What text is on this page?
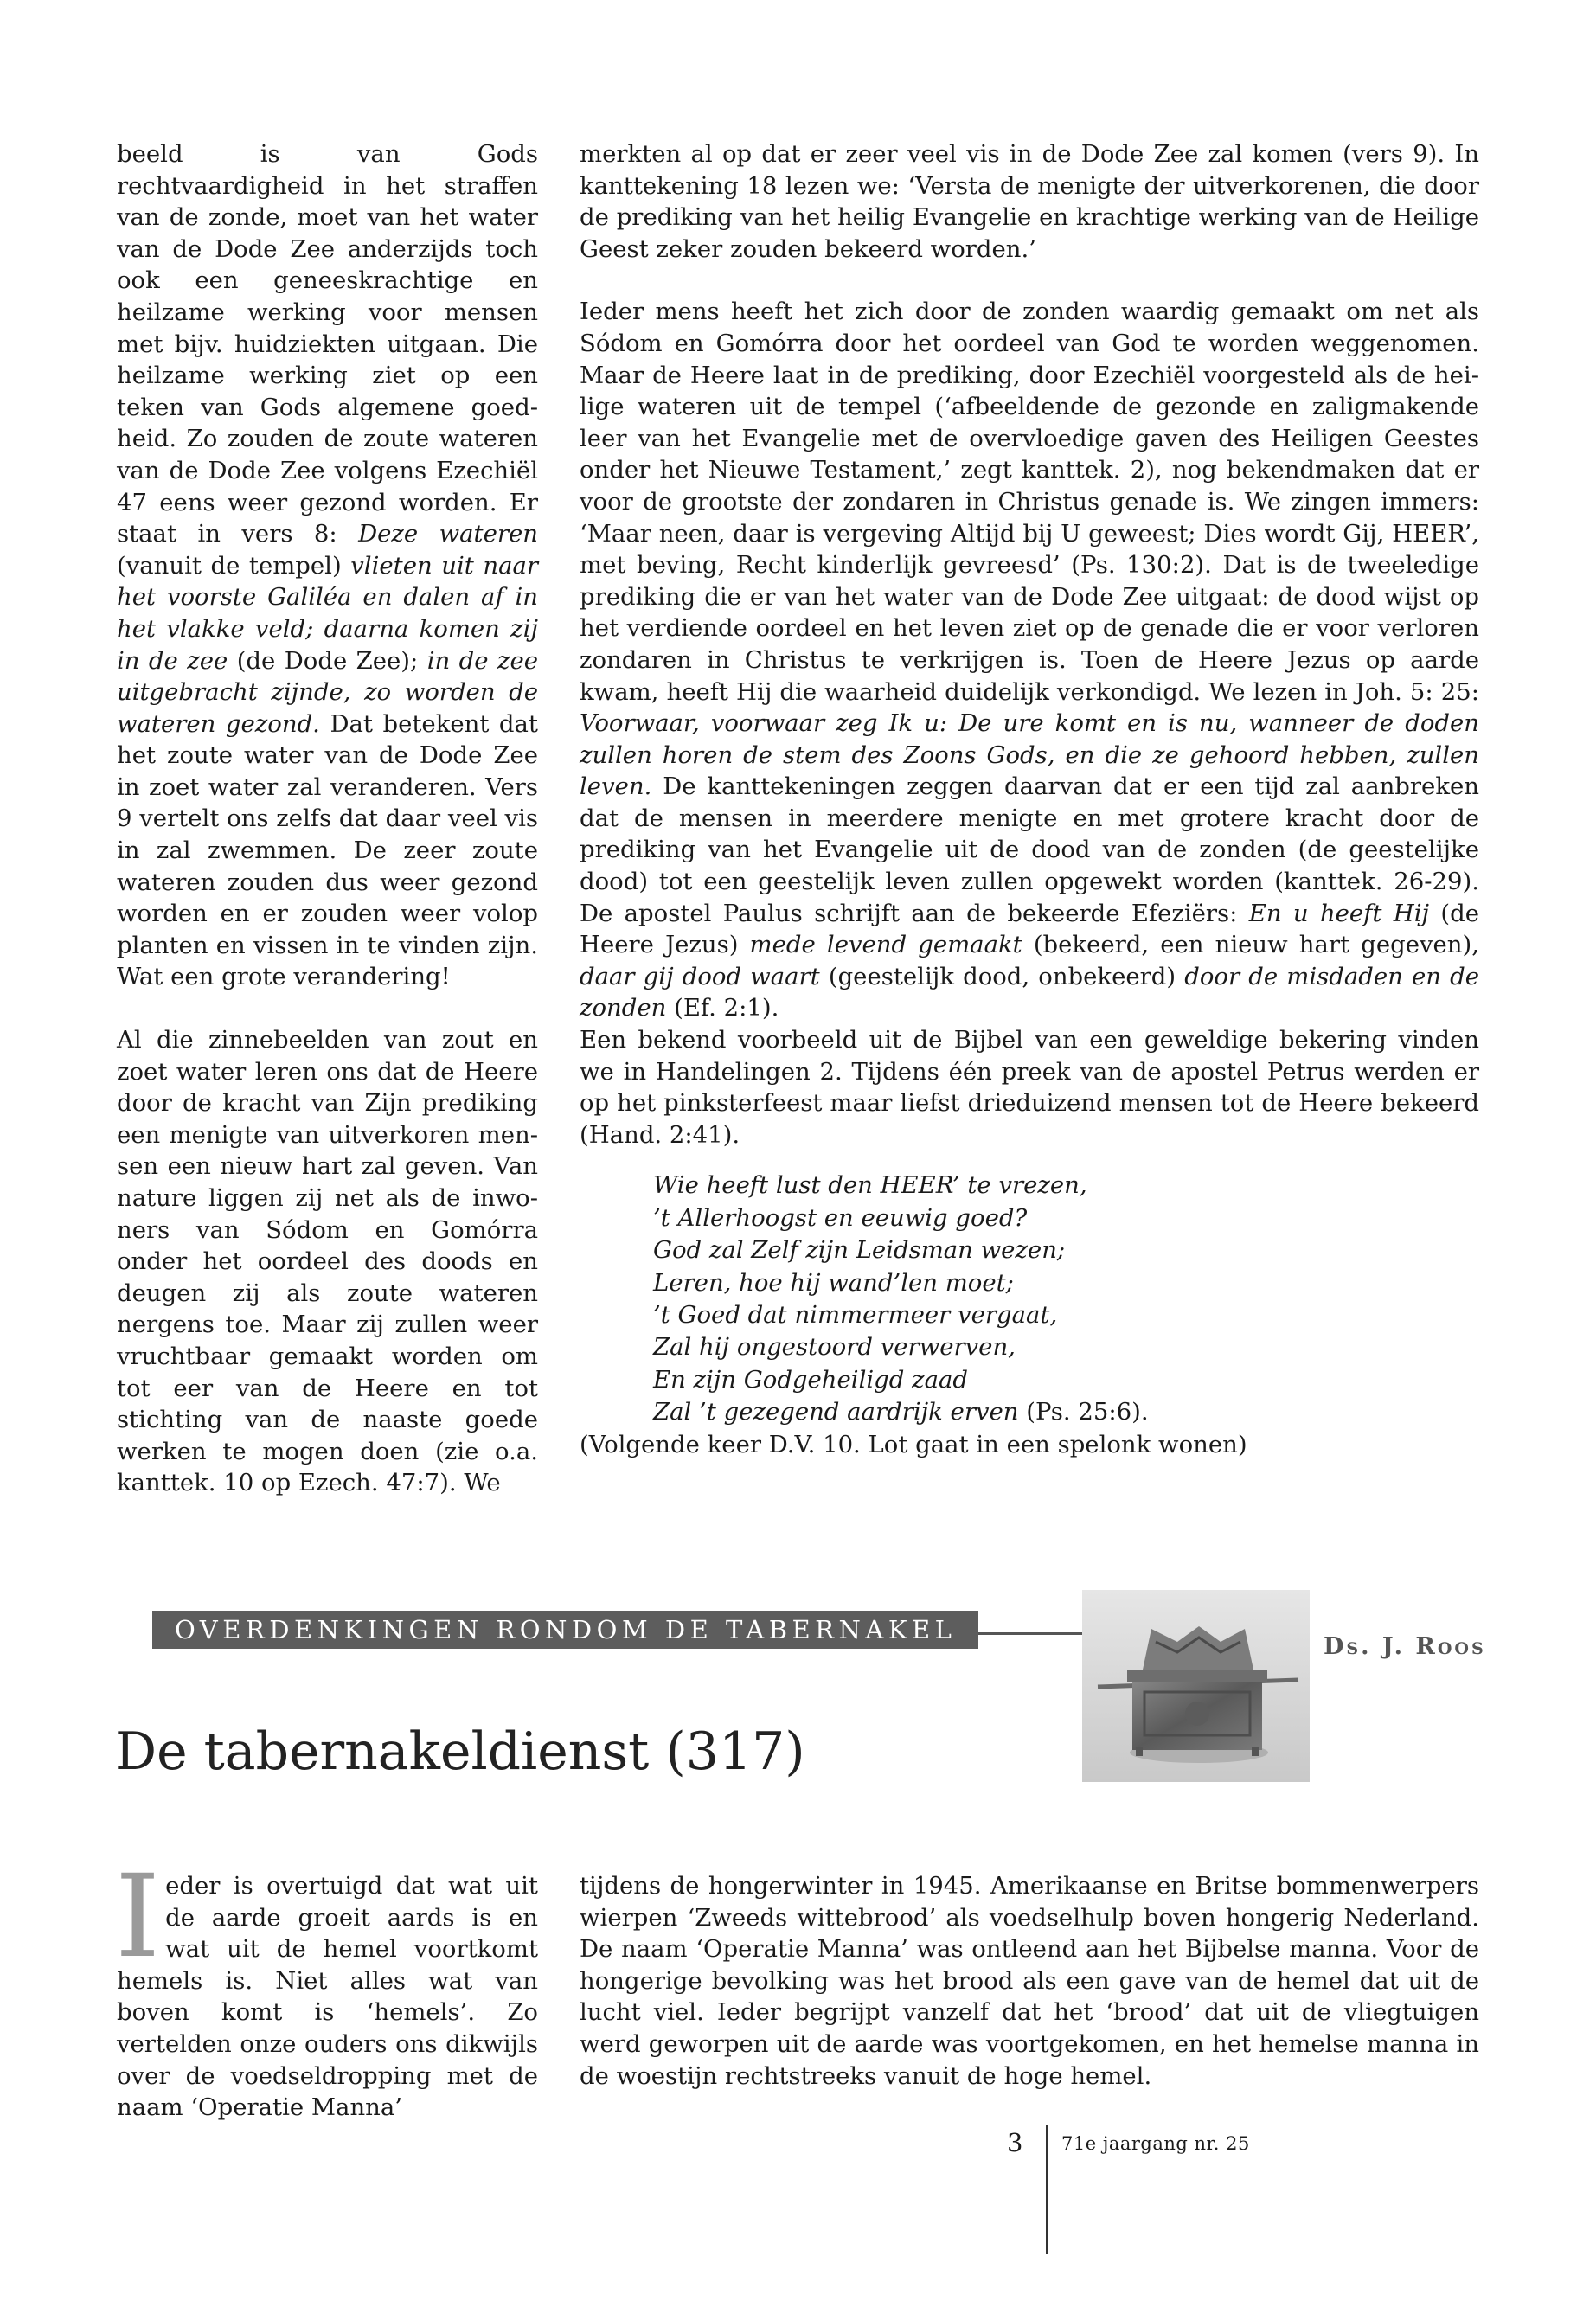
beeld is van Gods rechtvaardigheid in het straffen van de zonde, moet van het water van de Dode Zee anderzijds toch ook een geneeskrachtige en heilzame werking voor mensen met bijv. huidziekten uitgaan. Die heilzame werking ziet op een teken van Gods algemene goedheid. Zo zouden de zoute wateren van de Dode Zee volgens Ezechiël 47 eens weer gezond worden. Er staat in vers 8: Deze wateren (vanuit de tempel) vlieten uit naar het voorste Galiléa en dalen af in het vlakke veld; daarna komen zij in de zee (de Dode Zee); in de zee uitgebracht zijnde, zo worden de wateren gezond. Dat betekent dat het zoute water van de Dode Zee in zoet water zal veranderen. Vers 9 vertelt ons zelfs dat daar veel vis in zal zwemmen. De zeer zoute wateren zouden dus weer gezond worden en er zouden weer volop planten en vissen in te vinden zijn. Wat een grote verandering!

Al die zinnebeelden van zout en zoet water leren ons dat de Heere door de kracht van Zijn prediking een menigte van uitverkoren mensen een nieuw hart zal geven. Van nature liggen zij net als de inwoners van Sódom en Gomórra onder het oordeel des doods en deugen zij als zoute wateren nergens toe. Maar zij zullen weer vruchtbaar gemaakt worden om tot eer van de Heere en tot stichting van de naaste goede werken te mogen doen (zie o.a. kanttek. 10 op Ezech. 47:7). We

merkten al op dat er zeer veel vis in de Dode Zee zal komen (vers 9). In kanttekening 18 lezen we: ‘Versta de menigte der uitverkorenen, die door de prediking van het heilig Evangelie en krachtige werking van de Heilige Geest zeker zouden bekeerd worden.’

Ieder mens heeft het zich door de zonden waardig gemaakt om net als Sódom en Gomórra door het oordeel van God te worden weggenomen. Maar de Heere laat in de prediking, door Ezechiël voorgesteld als de heilige wateren uit de tempel (‘afbeeldende de gezonde en zaligmakende leer van het Evangelie met de overvloedige gaven des Heiligen Geestes onder het Nieuwe Testament,’ zegt kanttek. 2), nog bekendmaken dat er voor de grootste der zondaren in Christus genade is. We zingen immers: ‘Maar neen, daar is vergeving Altijd bij U geweest; Dies wordt Gij, HEER’, met beving, Recht kinderlijk gevreesd’ (Ps. 130:2). Dat is de tweeledige prediking die er van het water van de Dode Zee uitgaat: de dood wijst op het verdiende oordeel en het leven ziet op de genade die er voor verloren zondaren in Christus te verkrijgen is. Toen de Heere Jezus op aarde kwam, heeft Hij die waarheid duidelijk verkondigd. We lezen in Joh. 5: 25: Voorwaar, voorwaar zeg Ik u: De ure komt en is nu, wanneer de doden zullen horen de stem des Zoons Gods, en die ze gehoord hebben, zullen leven. De kanttekeningen zeggen daarvan dat er een tijd zal aanbreken dat de mensen in meerdere menigte en met grotere kracht door de prediking van het Evangelie uit de dood van de zonden (de geestelijke dood) tot een geestelijk leven zullen opgewekt worden (kanttek. 26-29). De apostel Paulus schrijft aan de bekeerde Efeziërs: En u heeft Hij (de Heere Jezus) mede levend gemaakt (bekeerd, een nieuw hart gegeven), daar gij dood waart (geestelijk dood, onbekeerd) door de misdaden en de zonden (Ef. 2:1).

Een bekend voorbeeld uit de Bijbel van een geweldige bekering vinden we in Handelingen 2. Tijdens één preek van de apostel Petrus werden er op het pinksterfeest maar liefst drieduizend mensen tot de Heere bekeerd (Hand. 2:41).

Wie heeft lust den HEER’ te vrezen,
’t Allerhoogst en eeuwig goed?
God zal Zelf zijn Leidsman wezen;
Leren, hoe hij wand’len moet;
’t Goed dat nimmermeer vergaat,
Zal hij ongestoord verwerven,
En zijn Godgeheiligd zaad
Zal ’t gezegend aardrijk erven (Ps. 25:6).

(Volgende keer D.V. 10. Lot gaat in een spelonk wonen)

OVERDENKINGEN RONDOM DE TABERNAKEL
Ds. J. Roos
De tabernakeldienst (317)

Ieder is overtuigd dat wat uit de aarde groeit aards is en wat uit de hemel voortkomt hemels is. Niet alles wat van boven komt is ‘hemels’. Zo vertelden onze ouders ons dikwijls over de voedseldropping met de naam ‘Operatie Manna’

tijdens de hongerwinter in 1945. Amerikaanse en Britse bommenwerpers wierpen ‘Zweeds wittebrood’ als voedselhulp boven hongerig Nederland. De naam ‘Operatie Manna’ was ontleend aan het Bijbelse manna. Voor de hongerige bevolking was het brood als een gave van de hemel dat uit de lucht viel. Ieder begrijpt vanzelf dat het ‘brood’ dat uit de vliegtuigen werd geworpen uit de aarde was voortgekomen, en het hemelse manna in de woestijn rechtstreeks vanuit de hoge hemel.

3 71e jaargang nr. 25
